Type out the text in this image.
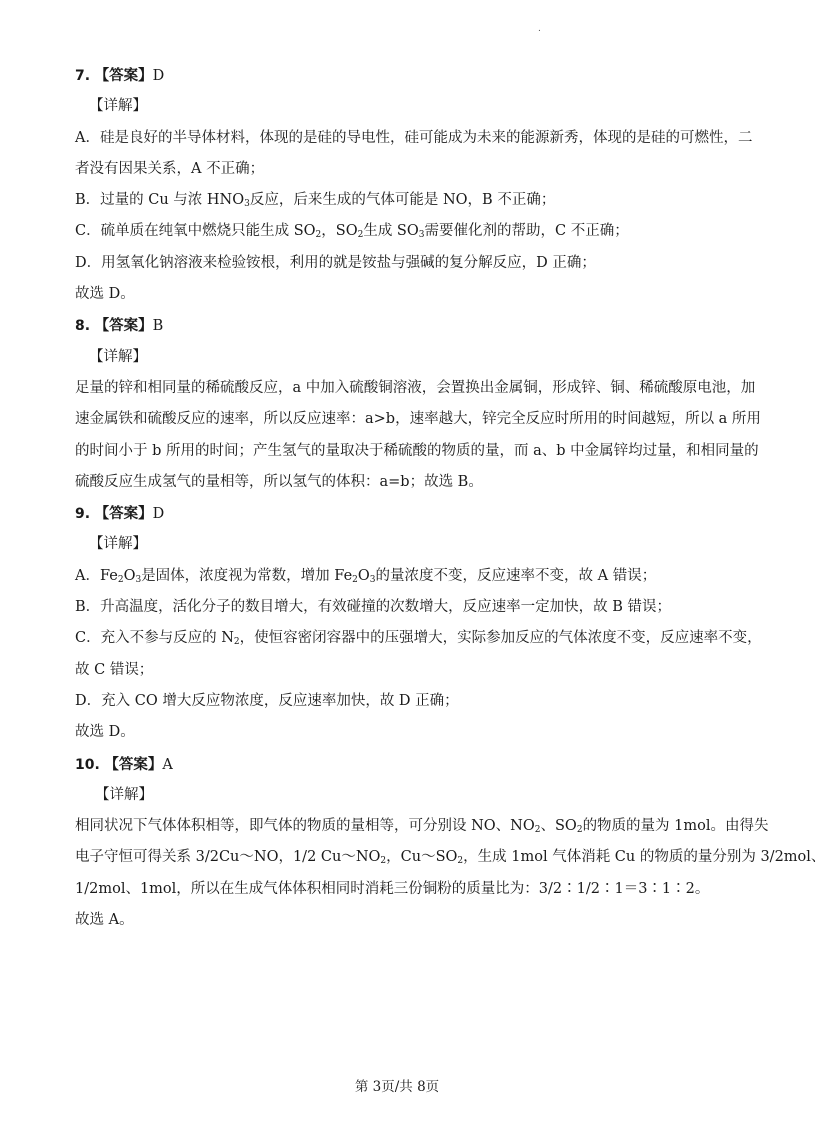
.
7. 【答案】D
【详解】
A．硅是良好的半导体材料，体现的是硅的导电性，硅可能成为未来的能源新秀，体现的是硅的可燃性，二
者没有因果关系，A 不正确；
B．过量的 Cu 与浓 $HNO_3$反应，后来生成的气体可能是 NO，B 不正确；
C．硫单质在纯氧中燃烧只能生成 $SO_2$，$SO_2$生成 $SO_3$需要催化剂的帮助，C 不正确；
D．用氢氧化钠溶液来检验铵根，利用的就是铵盐与强碱的复分解反应，D 正确；
故选 D。
8. 【答案】B
【详解】
足量的锌和相同量的稀硫酸反应，a 中加入硫酸铜溶液，会置换出金属铜，形成锌、铜、稀硫酸原电池，加
速金属铁和硫酸反应的速率，所以反应速率：a>b，速率越大，锌完全反应时所用的时间越短，所以 a 所用
的时间小于 b 所用的时间；产生氢气的量取决于稀硫酸的物质的量，而 a、b 中金属锌均过量，和相同量的
硫酸反应生成氢气的量相等，所以氢气的体积：a=b；故选 B。
9. 【答案】D
【详解】
A．$Fe_2O_3$是固体，浓度视为常数，增加 $Fe_2O_3$的量浓度不变，反应速率不变，故 A 错误；
B．升高温度，活化分子的数目增大，有效碰撞的次数增大，反应速率一定加快，故 B 错误；
C．充入不参与反应的 $N_2$，使恒容密闭容器中的压强增大，实际参加反应的气体浓度不变，反应速率不变，
故 C 错误；
D．充入 CO 增大反应物浓度，反应速率加快，故 D 正确；
故选 D。
10. 【答案】A
【详解】
相同状况下气体体积相等，即气体的物质的量相等，可分别设 NO、$NO_2$、$SO_2$的物质的量为 1mol。由得失
电子守恒可得关系 3/2Cu～NO，1/2 $Cu\sim NO_2$，$Cu\sim SO_2$，生成 1mol 气体消耗 Cu 的物质的量分别为 3/2mol、
1/2mol、1mol，所以在生成气体体积相同时消耗三份铜粉的质量比为：3/2∶1/2∶1＝3∶1∶2。
故选 A。
第 3页/共 8页
